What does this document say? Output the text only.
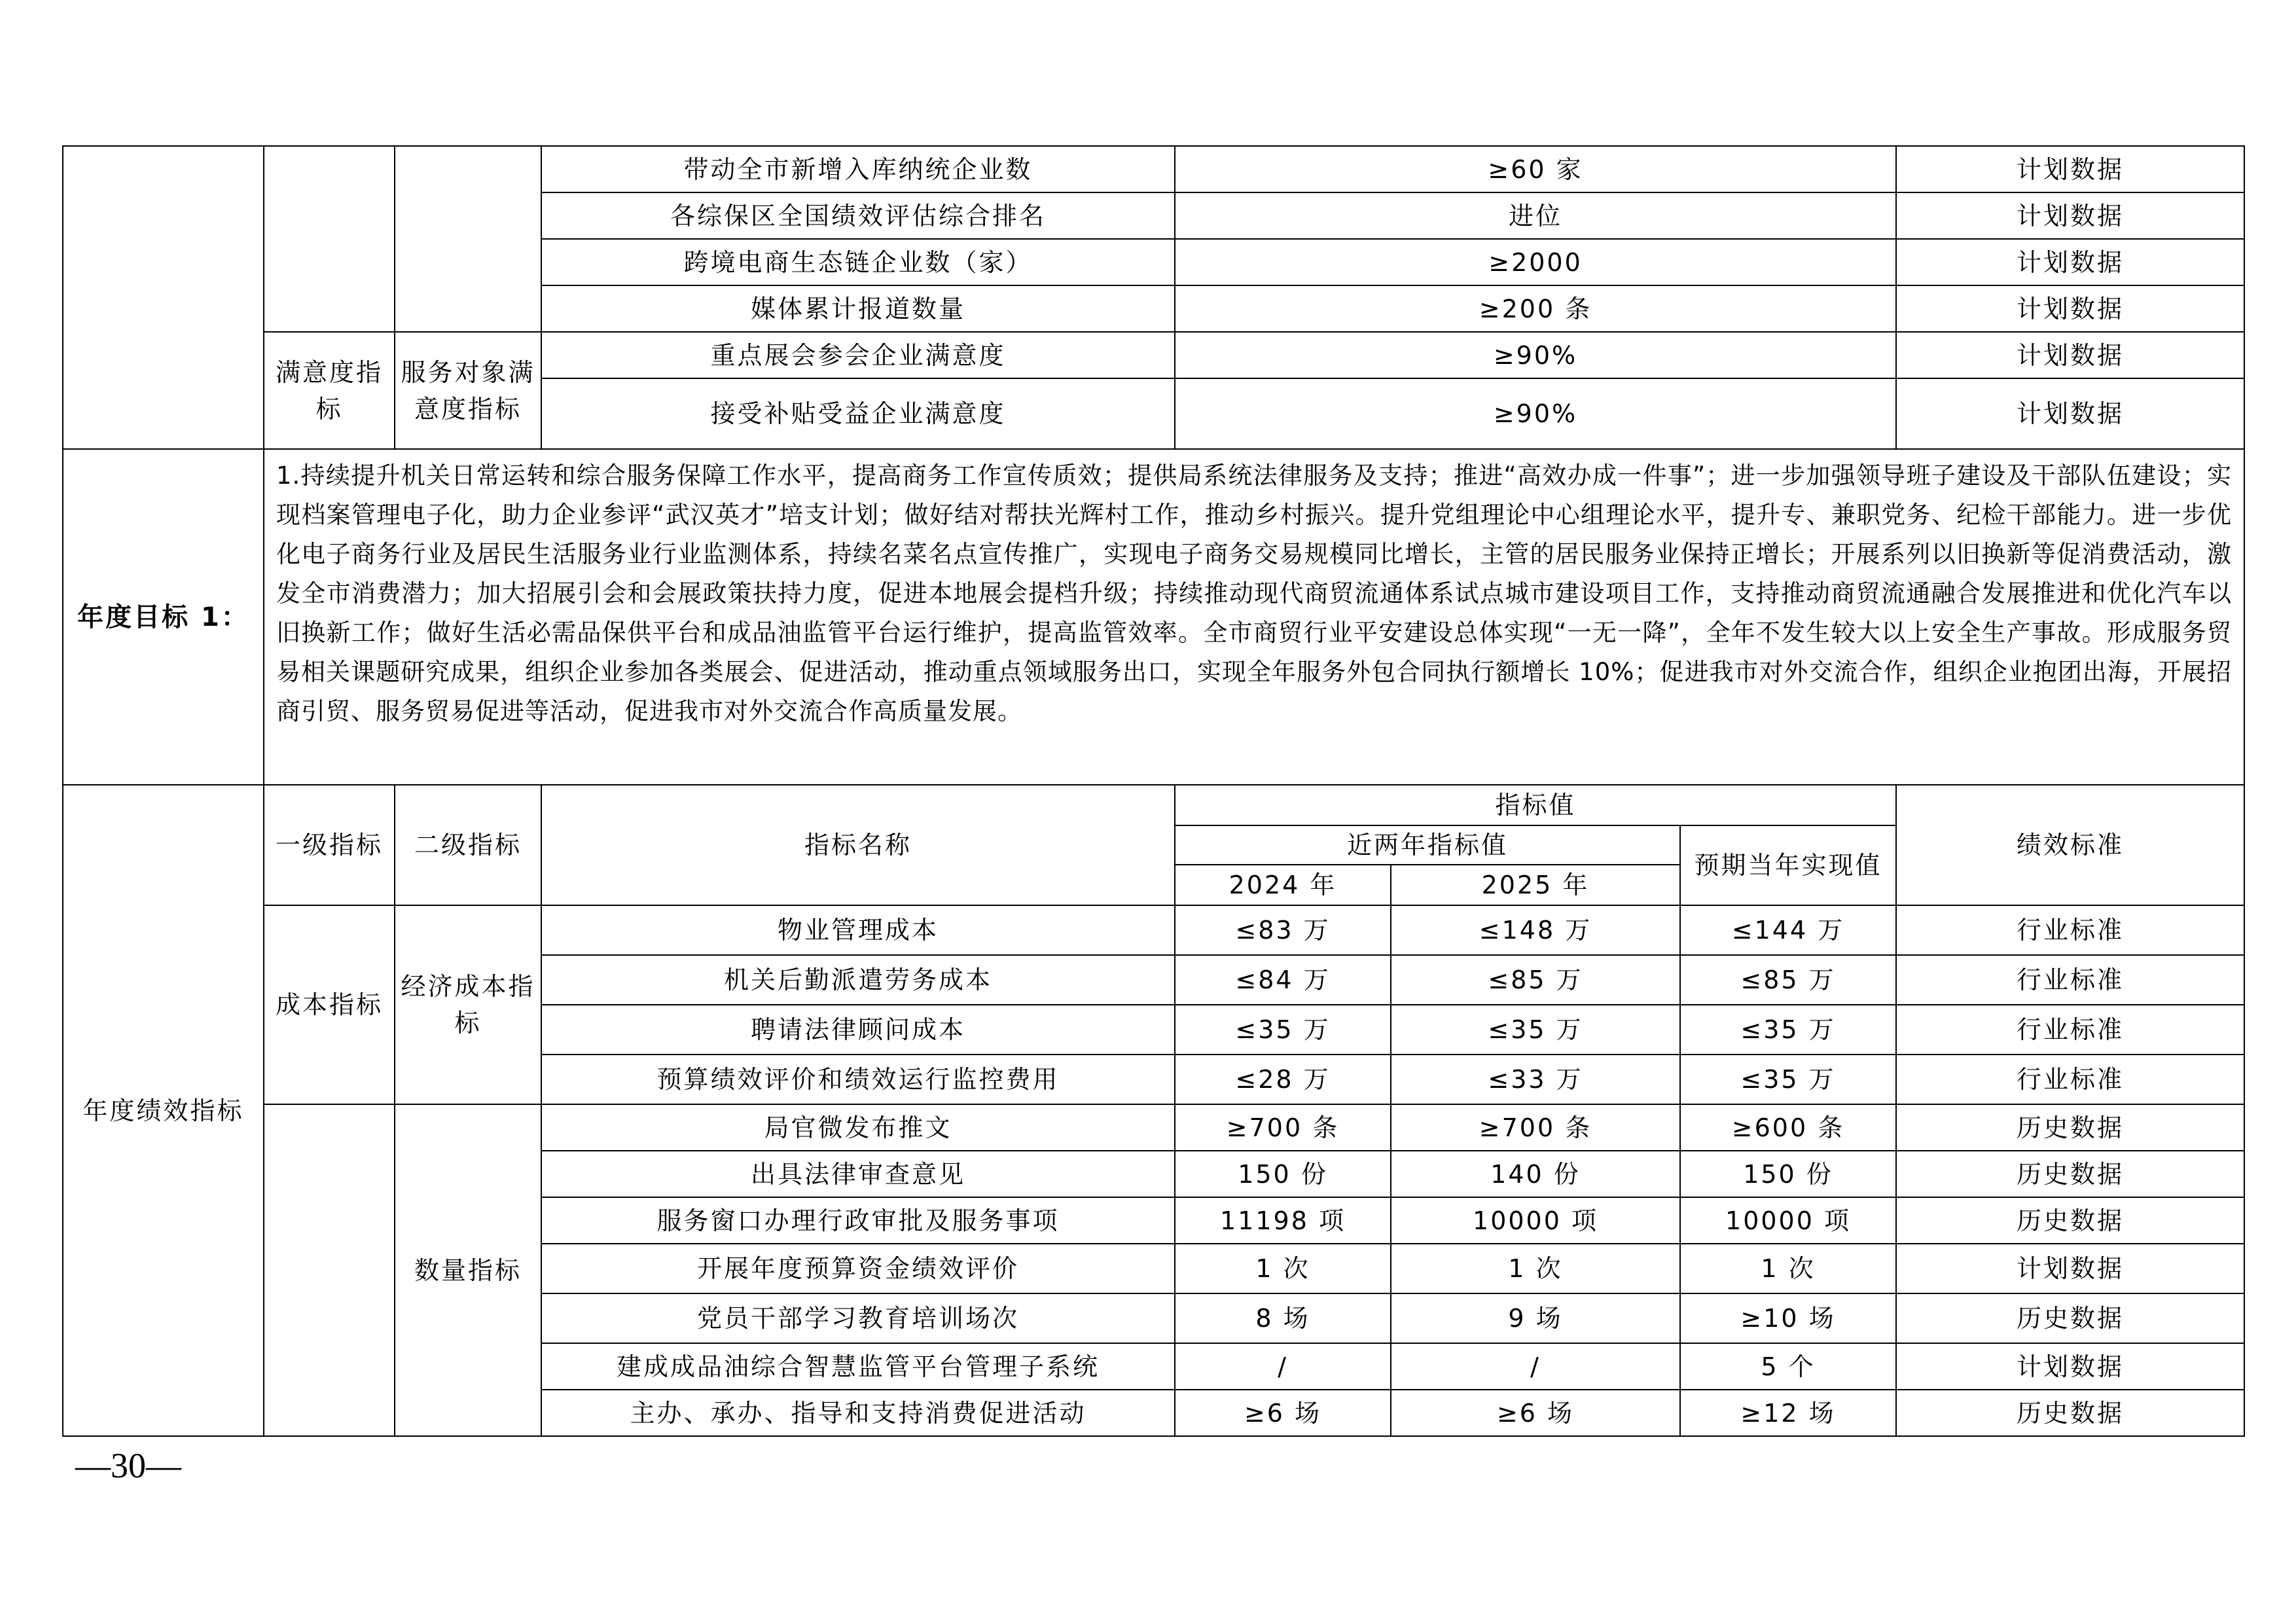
			带动全市新增入库纳统企业数	≥60 家			计划数据
			各综保区全国绩效评估综合排名	进位			计划数据
			跨境电商生态链企业数（家）	≥2000			计划数据
			媒体累计报道数量	≥200 条			计划数据
	满意度指标	服务对象满意度指标	重点展会参会企业满意度	≥90%			计划数据
			接受补贴受益企业满意度	≥90%			计划数据
年度目标 1：	1.持续提升机关日常运转和综合服务保障工作水平，提高商务工作宣传质效；提供局系统法律服务及支持；推进“高效办成一件事”；进一步加强领导班子建设及干部队伍建设；实现档案管理电子化，助力企业参评“武汉英才”培支计划；做好结对帮扶光辉村工作，推动乡村振兴。提升党组理论中心组理论水平，提升专、兼职党务、纪检干部能力。进一步优化电子商务行业及居民生活服务业行业监测体系，持续名菜名点宣传推广，实现电子商务交易规模同比增长，主管的居民服务业保持正增长；开展系列以旧换新等促消费活动，激发全市消费潜力；加大招展引会和会展政策扶持力度，促进本地展会提档升级；持续推动现代商贸流通体系试点城市建设项目工作，支持推动商贸流通融合发展推进和优化汽车以旧换新工作；做好生活必需品保供平台和成品油监管平台运行维护，提高监管效率。全市商贸行业平安建设总体实现“一无一降”，全年不发生较大以上安全生产事故。形成服务贸易相关课题研究成果，组织企业参加各类展会、促进活动，推动重点领域服务出口，实现全年服务外包合同执行额增长 10%；促进我市对外交流合作，组织企业抱团出海，开展招商引贸、服务贸易促进等活动，促进我市对外交流合作高质量发展。						
年度绩效指标	一级指标	二级指标	指标名称	指标值			绩效标准
				近两年指标值		预期当年实现值	
				2024 年	2025 年		
	成本指标	经济成本指标	物业管理成本	≤83 万	≤148 万	≤144 万	行业标准
			机关后勤派遣劳务成本	≤84 万	≤85 万	≤85 万	行业标准
			聘请法律顾问成本	≤35 万	≤35 万	≤35 万	行业标准
			预算绩效评价和绩效运行监控费用	≤28 万	≤33 万	≤35 万	行业标准
		数量指标	局官微发布推文	≥700 条	≥700 条	≥600 条	历史数据
			出具法律审查意见	150 份	140 份	150 份	历史数据
			服务窗口办理行政审批及服务事项	11198 项	10000 项	10000 项	历史数据
			开展年度预算资金绩效评价	1 次	1 次	1 次	计划数据
			党员干部学习教育培训场次	8 场	9 场	≥10 场	历史数据
			建成成品油综合智慧监管平台管理子系统	/	/	5 个	计划数据
			主办、承办、指导和支持消费促进活动	≥6 场	≥6 场	≥12 场	历史数据
—30—
